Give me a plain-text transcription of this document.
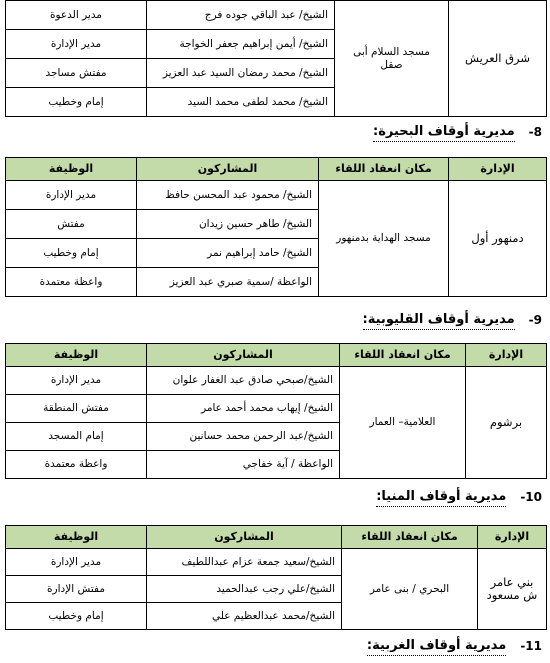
شرق العريش	مسجد السلام أبى صقل	الشيخ/ عبد الباقي جوده فرج	مدير الدعوة
		الشيخ/ أيمن إبراهيم جعفر الخواجة	مدير الإدارة
		الشيخ/ محمد رمضان السيد عبد العزيز	مفتش مساجد
		الشيخ/ محمد لطفى محمد السيد	إمام وخطيب
8-
مديرية أوقاف البحيرة:
الإدارة	مكان انعقاد اللقاء	المشاركون	الوظيفة
دمنهور أول	مسجد الهداية بدمنهور	الشيخ/ محمود عبد المحسن حافظ	مدير الإدارة
		الشيخ/ طاهر حسين زيدان	مفتش
		الشيخ/ حامد إبراهيم نمر	إمام وخطيب
		الواعظة /سمية صبري عبد العزيز	واعظة معتمدة
9-
مديرية أوقاف القليوبية:
الإدارة	مكان انعقاد اللقاء	المشاركون	الوظيفة
برشوم	العلامية– العمار	الشيخ/صبحي صادق عبد الغفار علوان	مدير الإدارة
		الشيخ/ إيهاب محمد أحمد عامر	مفتش المنطقة
		الشيخ/عبد الرحمن محمد حسانين	إمام المسجد
		الواعظة / آية خفاجي	واعظة معتمدة
10-
مديرية أوقاف المنيا:
الإدارة	مكان انعقاد اللقاء	المشاركون	الوظيفة
بني عامر ش مسعود	البحري / بنى عامر	الشيخ/سعيد جمعة عزام عبداللطيف	مدير الإدارة
		الشيخ/علي رجب عبدالحميد	مفتش الإدارة
		الشيخ/محمد عبدالعظيم علي	إمام وخطيب
11-
مديرية أوقاف الغربية:
